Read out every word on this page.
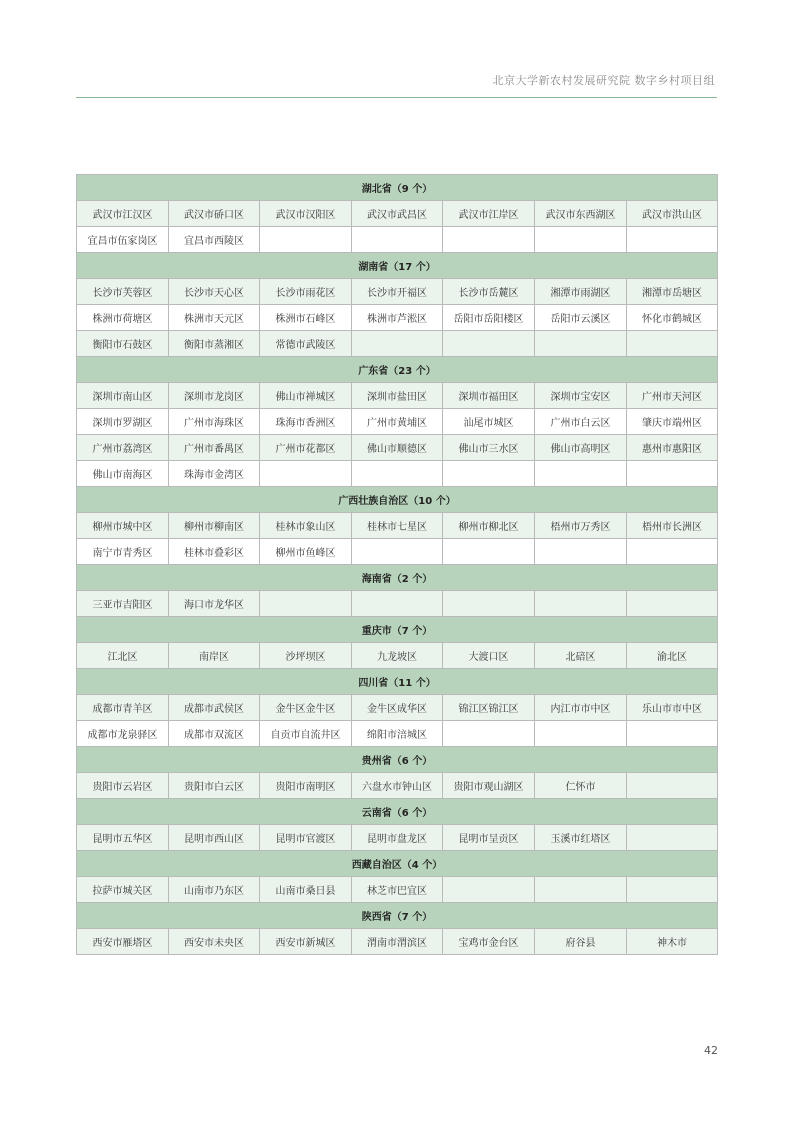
北京大学新农村发展研究院 数字乡村项目组
湖北省（9 个）						
武汉市江汉区	武汉市硚口区	武汉市汉阳区	武汉市武昌区	武汉市江岸区	武汉市东西湖区	武汉市洪山区
宜昌市伍家岗区	宜昌市西陵区					
湖南省（17 个）						
长沙市芙蓉区	长沙市天心区	长沙市雨花区	长沙市开福区	长沙市岳麓区	湘潭市雨湖区	湘潭市岳塘区
株洲市荷塘区	株洲市天元区	株洲市石峰区	株洲市芦淞区	岳阳市岳阳楼区	岳阳市云溪区	怀化市鹤城区
衡阳市石鼓区	衡阳市蒸湘区	常德市武陵区				
广东省（23 个）						
深圳市南山区	深圳市龙岗区	佛山市禅城区	深圳市盐田区	深圳市福田区	深圳市宝安区	广州市天河区
深圳市罗湖区	广州市海珠区	珠海市香洲区	广州市黄埔区	汕尾市城区	广州市白云区	肇庆市端州区
广州市荔湾区	广州市番禺区	广州市花都区	佛山市顺德区	佛山市三水区	佛山市高明区	惠州市惠阳区
佛山市南海区	珠海市金湾区					
广西壮族自治区（10 个）						
柳州市城中区	柳州市柳南区	桂林市象山区	桂林市七星区	柳州市柳北区	梧州市万秀区	梧州市长洲区
南宁市青秀区	桂林市叠彩区	柳州市鱼峰区				
海南省（2 个）						
三亚市吉阳区	海口市龙华区					
重庆市（7 个）						
江北区	南岸区	沙坪坝区	九龙坡区	大渡口区	北碚区	渝北区
四川省（11 个）						
成都市青羊区	成都市武侯区	金牛区金牛区	金牛区成华区	锦江区锦江区	内江市市中区	乐山市市中区
成都市龙泉驿区	成都市双流区	自贡市自流井区	绵阳市涪城区			
贵州省（6 个）						
贵阳市云岩区	贵阳市白云区	贵阳市南明区	六盘水市钟山区	贵阳市观山湖区	仁怀市	
云南省（6 个）						
昆明市五华区	昆明市西山区	昆明市官渡区	昆明市盘龙区	昆明市呈贡区	玉溪市红塔区	
西藏自治区（4 个）						
拉萨市城关区	山南市乃东区	山南市桑日县	林芝市巴宜区			
陕西省（7 个）						
西安市雁塔区	西安市未央区	西安市新城区	渭南市渭滨区	宝鸡市金台区	府谷县	神木市
42
